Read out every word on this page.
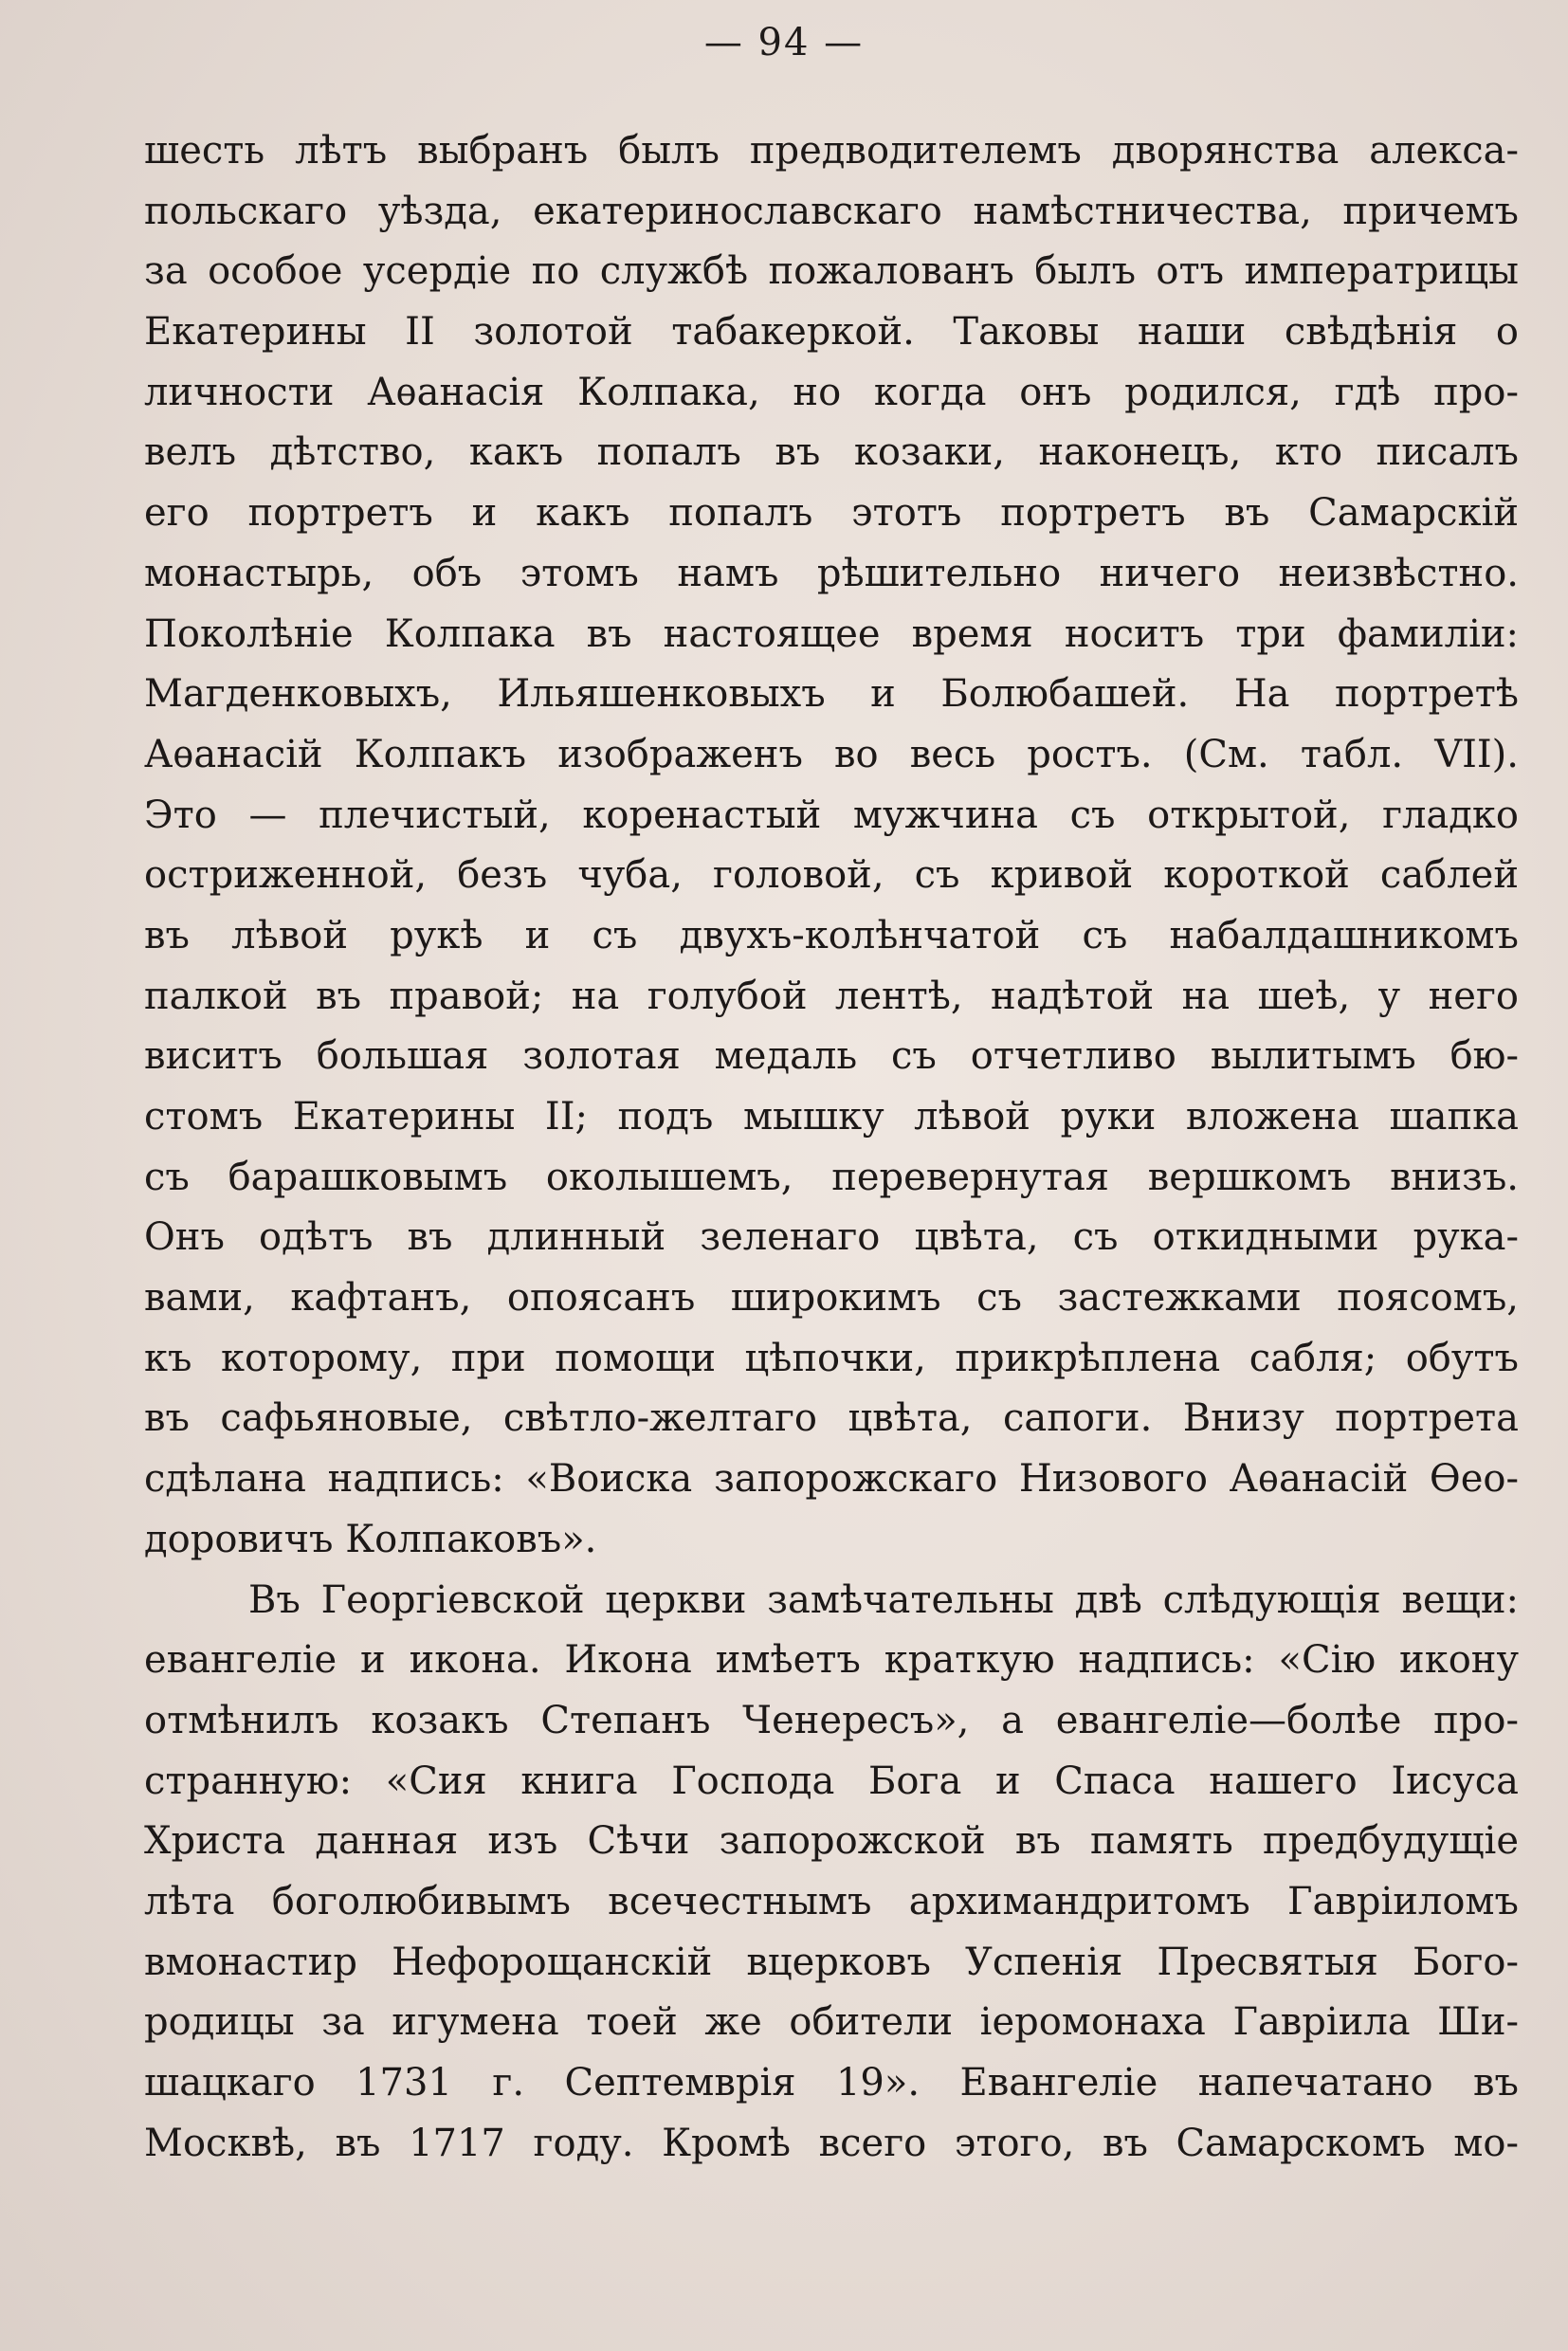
— 94 —
шесть лѣтъ выбранъ былъ предводителемъ дворянства алекса-
польскаго уѣзда, екатеринославскаго намѣстничества, причемъ
за особое усердіе по службѣ пожалованъ былъ отъ императрицы
Екатерины II золотой табакеркой. Таковы наши свѣдѣнія о
личности Аѳанасія Колпака, но когда онъ родился, гдѣ про-
велъ дѣтство, какъ попалъ въ козаки, наконецъ, кто писалъ
его портретъ и какъ попалъ этотъ портретъ въ Самарскій
монастырь, объ этомъ намъ рѣшительно ничего неизвѣстно.
Поколѣніе Колпака въ настоящее время носитъ три фамиліи:
Магденковыхъ, Ильяшенковыхъ и Болюбашей. На портретѣ
Аѳанасій Колпакъ изображенъ во весь ростъ. (См. табл. VII).
Это — плечистый, коренастый мужчина съ открытой, гладко
остриженной, безъ чуба, головой, съ кривой короткой саблей
въ лѣвой рукѣ и съ двухъ-колѣнчатой съ набалдашникомъ
палкой въ правой; на голубой лентѣ, надѣтой на шеѣ, у него
виситъ большая золотая медаль съ отчетливо вылитымъ бю-
стомъ Екатерины II; подъ мышку лѣвой руки вложена шапка
съ барашковымъ околышемъ, перевернутая вершкомъ внизъ.
Онъ одѣтъ въ длинный зеленаго цвѣта, съ откидными рука-
вами, кафтанъ, опоясанъ широкимъ съ застежками поясомъ,
къ которому, при помощи цѣпочки, прикрѣплена сабля; обутъ
въ сафьяновые, свѣтло-желтаго цвѣта, сапоги. Внизу портрета
сдѣлана надпись: «Воиска запорожскаго Низового Аѳанасій Ѳео-
доровичъ Колпаковъ».
Въ Георгіевской церкви замѣчательны двѣ слѣдующія вещи:
евангеліе и икона. Икона имѣетъ краткую надпись: «Сію икону
отмѣнилъ козакъ Степанъ Ченересъ», а евангеліе—болѣе про-
странную: «Сия книга Господа Бога и Спаса нашего Іисуса
Христа данная изъ Сѣчи запорожской въ память предбудущіе
лѣта боголюбивымъ всечестнымъ архимандритомъ Гавріиломъ
вмонастир Нефорощанскій вцерковъ Успенія Пресвятыя Бого-
родицы за игумена тоей же обители іеромонаха Гавріила Ши-
шацкаго 1731 г. Септемврія 19». Евангеліе напечатано въ
Москвѣ, въ 1717 году. Кромѣ всего этого, въ Самарскомъ мо-
